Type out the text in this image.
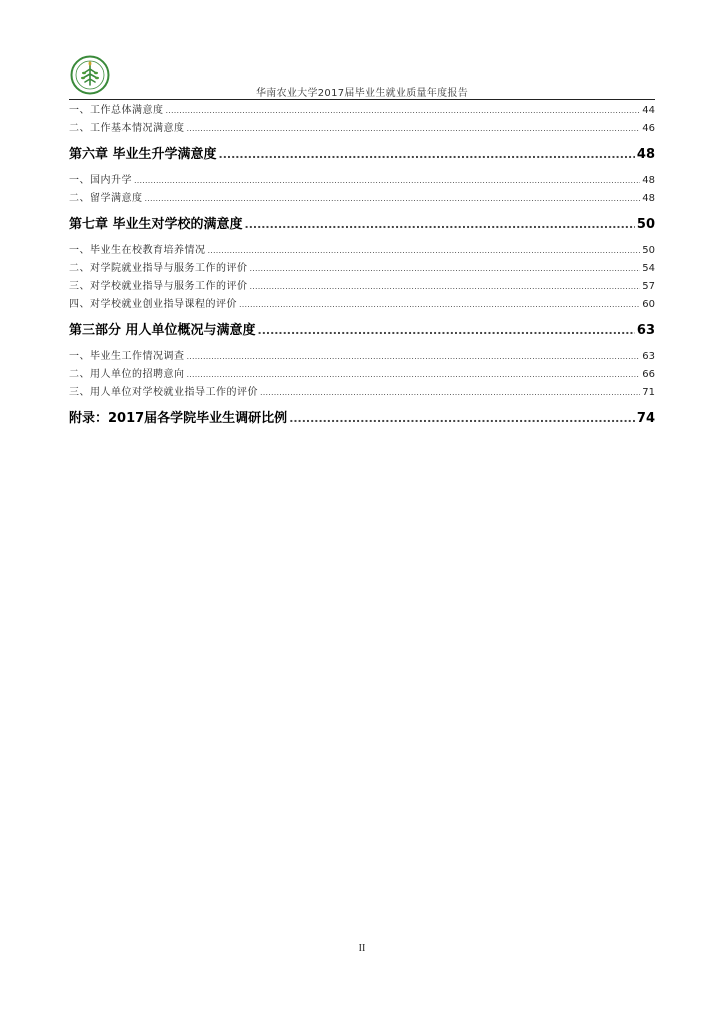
华南农业大学2017届毕业生就业质量年度报告
一、工作总体满意度 .....	44
二、工作基本情况满意度 .....	46
第六章 毕业生升学满意度 .....	48
一、国内升学 .....	48
二、留学满意度 .....	48
第七章 毕业生对学校的满意度 .....	50
一、毕业生在校教育培养情况 .....	50
二、对学院就业指导与服务工作的评价 .....	54
三、对学校就业指导与服务工作的评价 .....	57
四、对学校就业创业指导课程的评价 .....	60
第三部分 用人单位概况与满意度 .....	63
一、毕业生工作情况调查 .....	63
二、用人单位的招聘意向 .....	66
三、用人单位对学校就业指导工作的评价 .....	71
附录：2017届各学院毕业生调研比例 .....	74
II
